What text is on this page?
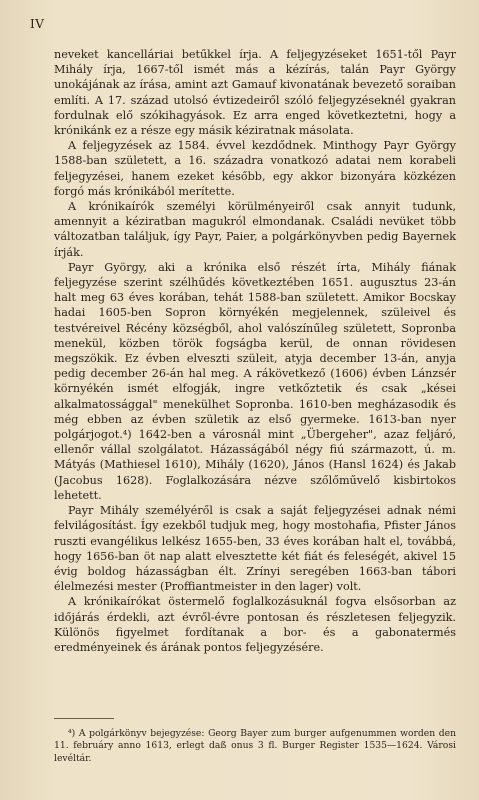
IV

neveket kancelláriai betűkkel írja. A feljegyzéseket 1651-től Payr Mihály írja, 1667-től ismét más a kézírás, talán Payr György unokájának az írása, amint azt Gamauf kivonatának bevezető soraiban említi. A 17. század utolsó évtizedeiről szóló feljegyzéseknél gyakran fordulnak elő szókihagyások. Ez arra enged következtetni, hogy a krónikánk ez a része egy másik kéziratnak másolata.

A feljegyzések az 1584. évvel kezdődnek. Minthogy Payr György 1588-ban született, a 16. századra vonatkozó adatai nem korabeli feljegyzései, hanem ezeket később, egy akkor bizonyára közkézen forgó más krónikából merítette.

A krónikaírók személyi körülményeiről csak annyit tudunk, amennyit a kéziratban magukról elmondanak. Családi nevüket több változatban találjuk, így Payr, Paier, a polgárkönyvben pedig Bayernek írják.

Payr György, aki a krónika első részét írta, Mihály fiának feljegyzése szerint szélhűdés következtében 1651. augusztus 23-án halt meg 63 éves korában, tehát 1588-ban született. Amikor Bocskay hadai 1605-ben Sopron környékén megjelennek, szüleivel és testvéreivel Récény községből, ahol valószínűleg született, Sopronba menekül, közben török fogságba kerül, de onnan rövidesen megszökik. Ez évben elveszti szüleit, atyja december 13-án, anyja pedig december 26-án hal meg. A rákövetkező (1606) évben Lánzsér környékén ismét elfogják, ingre vetkőztetik és csak „kései alkalmatossággal" menekülhet Sopronba. 1610-ben megházasodik és még ebben az évben születik az első gyermeke. 1613-ban nyer polgárjogot.⁴) 1642-ben a városnál mint „Übergeher", azaz feljáró, ellenőr vállal szolgálatot. Házasságából négy fiú származott, ú. m. Mátyás (Mathiesel 1610), Mihály (1620), János (Hansl 1624) és Jakab (Jacobus 1628). Foglalkozására nézve szőlőművelő kisbirtokos lehetett.

Payr Mihály személyéről is csak a saját feljegyzései adnak némi felvilágosítást. Így ezekből tudjuk meg, hogy mostohafia, Pfister János ruszti evangélikus lelkész 1655-ben, 33 éves korában halt el, továbbá, hogy 1656-ban öt nap alatt elvesztette két fiát és feleségét, akivel 15 évig boldog házasságban élt. Zrínyi seregében 1663-ban tábori élelmezési mester (Proffiantmeister in den lager) volt.

A krónikaírókat östermelő foglalkozásuknál fogva elsősorban az időjárás érdekli, azt évről-évre pontosan és részletesen feljegyzik. Különös figyelmet fordítanak a bor- és a gabonatermés eredményeinek és árának pontos feljegyzésére.

⁴) A polgárkönyv bejegyzése: Georg Bayer zum burger aufgenummen worden den 11. februáry anno 1613, erlegt daß onus 3 fl. Burger Register 1535—1624. Városi levéltár.
